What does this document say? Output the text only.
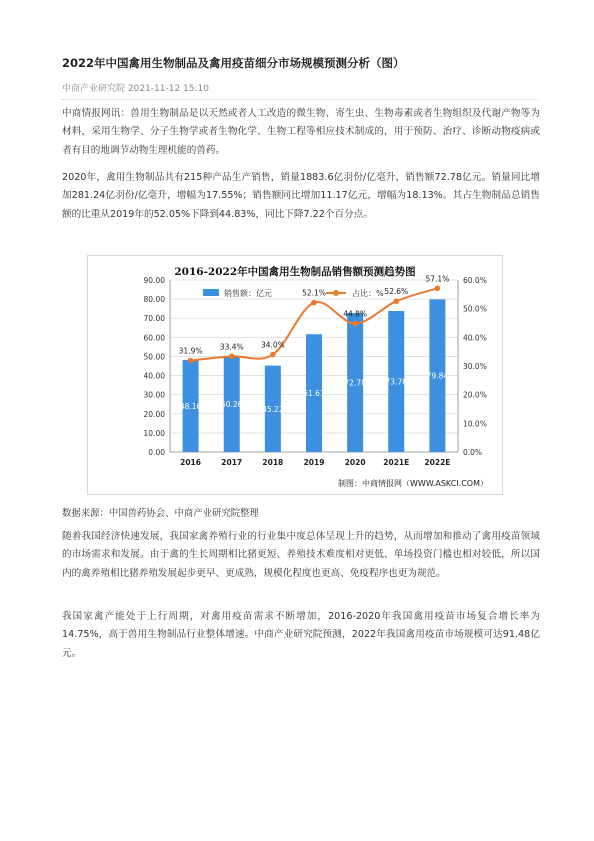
2022年中国禽用生物制品及禽用疫苗细分市场规模预测分析（图）
中商产业研究院 2021-11-12 15:10

中商情报网讯：兽用生物制品是以天然或者人工改造的微生物、寄生虫、生物毒素或者生物组织及代谢产物等为材料，采用生物学、分子生物学或者生物化学、生物工程等相应技术制成的，用于预防、治疗、诊断动物疫病或者有目的地调节动物生理机能的兽药。

2020年，禽用生物制品共有215种产品生产销售，销量1883.6亿羽份/亿毫升，销售额72.78亿元。销量同比增加281.24亿羽份/亿毫升，增幅为17.55%；销售额同比增加11.17亿元，增幅为18.13%。其占生物制品总销售额的比重从2019年的52.05%下降到44.83%，同比下降7.22个百分点。

2016-2022年中国禽用生物制品销售额预测趋势图
销售额：亿元	占比：%
0.00
10.00
20.00
30.00
40.00
50.00
60.00
70.00
80.00
90.00
0.0%
10.0%
20.0%
30.0%
40.0%
50.0%
60.0%
48.16	50.26
45.22
61.61
72.78	73.78
79.84
2016	2017	2018	2019	2020 2021E 2022E
31.9% 33.4% 34.0%
52.1%
44.8%
52.6%
57.1%
制图：中商情报网（WWW.ASKCI.COM）
数据来源：中国兽药协会、中商产业研究院整理

随着我国经济快速发展，我国家禽养殖行业的行业集中度总体呈现上升的趋势，从而增加和推动了禽用疫苗领域的市场需求和发展。由于禽的生长周期相比猪更短、养殖技术难度相对更低、单场投资门槛也相对较低，所以国内的禽养殖相比猪养殖发展起步更早、更成熟，规模化程度也更高、免疫程序也更为规范。

我国家禽产能处于上行周期，对禽用疫苗需求不断增加，2016-2020年我国禽用疫苗市场复合增长率为14.75%，高于兽用生物制品行业整体增速。中商产业研究院预测，2022年我国禽用疫苗市场规模可达91.48亿元。
